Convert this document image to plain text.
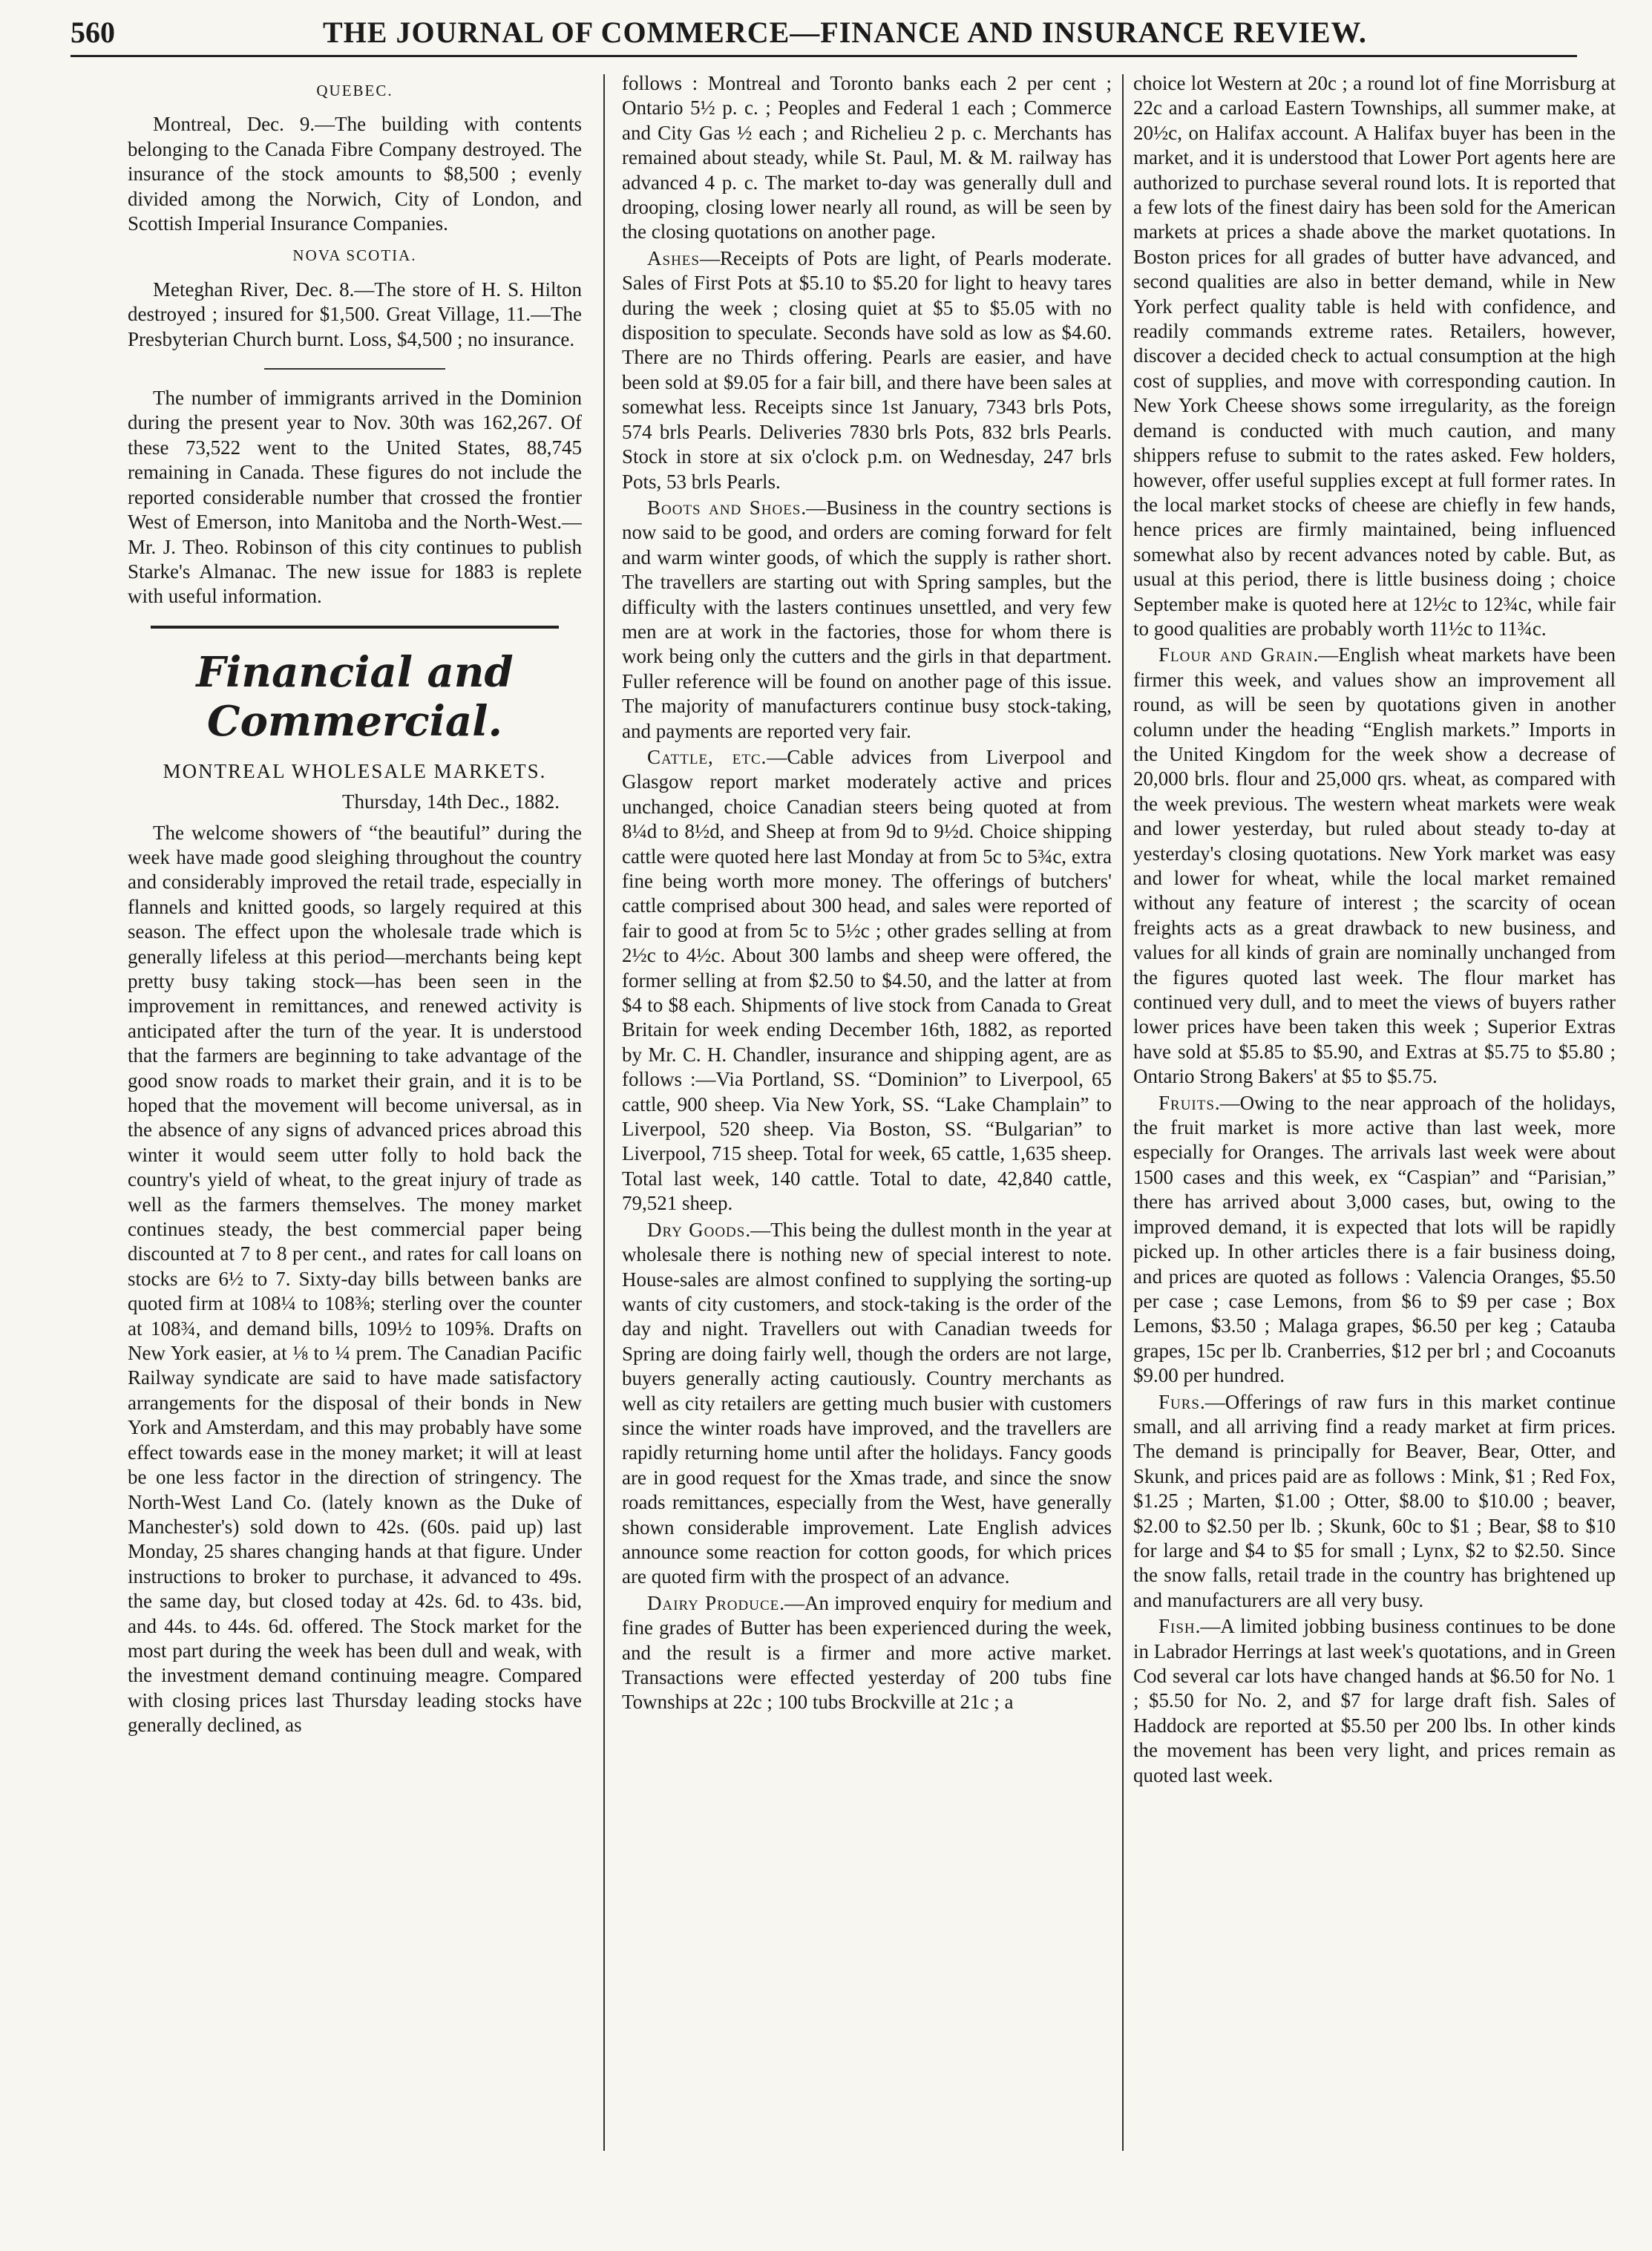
560	THE JOURNAL OF COMMERCE—FINANCE AND INSURANCE REVIEW.

QUEBEC.

Montreal, Dec. 9.—The building with contents belonging to the Canada Fibre Company destroyed. The insurance of the stock amounts to $8,500 ; evenly divided among the Norwich, City of London, and Scottish Imperial Insurance Companies.

NOVA SCOTIA.

Meteghan River, Dec. 8.—The store of H. S. Hilton destroyed ; insured for $1,500. Great Village, 11.—The Presbyterian Church burnt. Loss, $4,500 ; no insurance.

The number of immigrants arrived in the Dominion during the present year to Nov. 30th was 162,267. Of these 73,522 went to the United States, 88,745 remaining in Canada. These figures do not include the reported considerable number that crossed the frontier West of Emerson, into Manitoba and the North-West.—Mr. J. Theo. Robinson of this city continues to publish Starke's Almanac. The new issue for 1883 is replete with useful information.

Financial and Commercial.

MONTREAL WHOLESALE MARKETS.

Thursday, 14th Dec., 1882.

The welcome showers of “the beautiful” during the week have made good sleighing throughout the country and considerably improved the retail trade, especially in flannels and knitted goods, so largely required at this season. The effect upon the wholesale trade which is generally lifeless at this period—merchants being kept pretty busy taking stock—has been seen in the improvement in remittances, and renewed activity is anticipated after the turn of the year. It is understood that the farmers are beginning to take advantage of the good snow roads to market their grain, and it is to be hoped that the movement will become universal, as in the absence of any signs of advanced prices abroad this winter it would seem utter folly to hold back the country's yield of wheat, to the great injury of trade as well as the farmers themselves. The money market continues steady, the best commercial paper being discounted at 7 to 8 per cent., and rates for call loans on stocks are 6½ to 7. Sixty-day bills between banks are quoted firm at 108¼ to 108⅜; sterling over the counter at 108¾, and demand bills, 109½ to 109⅝. Drafts on New York easier, at ⅛ to ¼ prem. The Canadian Pacific Railway syndicate are said to have made satisfactory arrangements for the disposal of their bonds in New York and Amsterdam, and this may probably have some effect towards ease in the money market; it will at least be one less factor in the direction of stringency. The North-West Land Co. (lately known as the Duke of Manchester's) sold down to 42s. (60s. paid up) last Monday, 25 shares changing hands at that figure. Under instructions to broker to purchase, it advanced to 49s. the same day, but closed today at 42s. 6d. to 43s. bid, and 44s. to 44s. 6d. offered. The Stock market for the most part during the week has been dull and weak, with the investment demand continuing meagre. Compared with closing prices last Thursday leading stocks have generally declined, as

follows : Montreal and Toronto banks each 2 per cent ; Ontario 5½ p. c. ; Peoples and Federal 1 each ; Commerce and City Gas ½ each ; and Richelieu 2 p. c. Merchants has remained about steady, while St. Paul, M. & M. railway has advanced 4 p. c. The market to-day was generally dull and drooping, closing lower nearly all round, as will be seen by the closing quotations on another page.

Ashes—Receipts of Pots are light, of Pearls moderate. Sales of First Pots at $5.10 to $5.20 for light to heavy tares during the week ; closing quiet at $5 to $5.05 with no disposition to speculate. Seconds have sold as low as $4.60. There are no Thirds offering. Pearls are easier, and have been sold at $9.05 for a fair bill, and there have been sales at somewhat less. Receipts since 1st January, 7343 brls Pots, 574 brls Pearls. Deliveries 7830 brls Pots, 832 brls Pearls. Stock in store at six o'clock p.m. on Wednesday, 247 brls Pots, 53 brls Pearls.

Boots and Shoes.—Business in the country sections is now said to be good, and orders are coming forward for felt and warm winter goods, of which the supply is rather short. The travellers are starting out with Spring samples, but the difficulty with the lasters continues unsettled, and very few men are at work in the factories, those for whom there is work being only the cutters and the girls in that department. Fuller reference will be found on another page of this issue. The majority of manufacturers continue busy stock-taking, and payments are reported very fair.

Cattle, etc.—Cable advices from Liverpool and Glasgow report market moderately active and prices unchanged, choice Canadian steers being quoted at from 8¼d to 8½d, and Sheep at from 9d to 9½d. Choice shipping cattle were quoted here last Monday at from 5c to 5¾c, extra fine being worth more money. The offerings of butchers' cattle comprised about 300 head, and sales were reported of fair to good at from 5c to 5½c ; other grades selling at from 2½c to 4½c. About 300 lambs and sheep were offered, the former selling at from $2.50 to $4.50, and the latter at from $4 to $8 each. Shipments of live stock from Canada to Great Britain for week ending December 16th, 1882, as reported by Mr. C. H. Chandler, insurance and shipping agent, are as follows :—Via Portland, SS. “Dominion” to Liverpool, 65 cattle, 900 sheep. Via New York, SS. “Lake Champlain” to Liverpool, 520 sheep. Via Boston, SS. “Bulgarian” to Liverpool, 715 sheep. Total for week, 65 cattle, 1,635 sheep. Total last week, 140 cattle. Total to date, 42,840 cattle, 79,521 sheep.

Dry Goods.—This being the dullest month in the year at wholesale there is nothing new of special interest to note. House-sales are almost confined to supplying the sorting-up wants of city customers, and stock-taking is the order of the day and night. Travellers out with Canadian tweeds for Spring are doing fairly well, though the orders are not large, buyers generally acting cautiously. Country merchants as well as city retailers are getting much busier with customers since the winter roads have improved, and the travellers are rapidly returning home until after the holidays. Fancy goods are in good request for the Xmas trade, and since the snow roads remittances, especially from the West, have generally shown considerable improvement. Late English advices announce some reaction for cotton goods, for which prices are quoted firm with the prospect of an advance.

Dairy Produce.—An improved enquiry for medium and fine grades of Butter has been experienced during the week, and the result is a firmer and more active market. Transactions were effected yesterday of 200 tubs fine Townships at 22c ; 100 tubs Brockville at 21c ; a

choice lot Western at 20c ; a round lot of fine Morrisburg at 22c and a carload Eastern Townships, all summer make, at 20½c, on Halifax account. A Halifax buyer has been in the market, and it is understood that Lower Port agents here are authorized to purchase several round lots. It is reported that a few lots of the finest dairy has been sold for the American markets at prices a shade above the market quotations. In Boston prices for all grades of butter have advanced, and second qualities are also in better demand, while in New York perfect quality table is held with confidence, and readily commands extreme rates. Retailers, however, discover a decided check to actual consumption at the high cost of supplies, and move with corresponding caution. In New York Cheese shows some irregularity, as the foreign demand is conducted with much caution, and many shippers refuse to submit to the rates asked. Few holders, however, offer useful supplies except at full former rates. In the local market stocks of cheese are chiefly in few hands, hence prices are firmly maintained, being influenced somewhat also by recent advances noted by cable. But, as usual at this period, there is little business doing ; choice September make is quoted here at 12½c to 12¾c, while fair to good qualities are probably worth 11½c to 11¾c.

Flour and Grain.—English wheat markets have been firmer this week, and values show an improvement all round, as will be seen by quotations given in another column under the heading “English markets.” Imports in the United Kingdom for the week show a decrease of 20,000 brls. flour and 25,000 qrs. wheat, as compared with the week previous. The western wheat markets were weak and lower yesterday, but ruled about steady to-day at yesterday's closing quotations. New York market was easy and lower for wheat, while the local market remained without any feature of interest ; the scarcity of ocean freights acts as a great drawback to new business, and values for all kinds of grain are nominally unchanged from the figures quoted last week. The flour market has continued very dull, and to meet the views of buyers rather lower prices have been taken this week ; Superior Extras have sold at $5.85 to $5.90, and Extras at $5.75 to $5.80 ; Ontario Strong Bakers' at $5 to $5.75.

Fruits.—Owing to the near approach of the holidays, the fruit market is more active than last week, more especially for Oranges. The arrivals last week were about 1500 cases and this week, ex “Caspian” and “Parisian,” there has arrived about 3,000 cases, but, owing to the improved demand, it is expected that lots will be rapidly picked up. In other articles there is a fair business doing, and prices are quoted as follows : Valencia Oranges, $5.50 per case ; case Lemons, from $6 to $9 per case ; Box Lemons, $3.50 ; Malaga grapes, $6.50 per keg ; Catauba grapes, 15c per lb. Cranberries, $12 per brl ; and Cocoanuts $9.00 per hundred.

Furs.—Offerings of raw furs in this market continue small, and all arriving find a ready market at firm prices. The demand is principally for Beaver, Bear, Otter, and Skunk, and prices paid are as follows : Mink, $1 ; Red Fox, $1.25 ; Marten, $1.00 ; Otter, $8.00 to $10.00 ; beaver, $2.00 to $2.50 per lb. ; Skunk, 60c to $1 ; Bear, $8 to $10 for large and $4 to $5 for small ; Lynx, $2 to $2.50. Since the snow falls, retail trade in the country has brightened up and manufacturers are all very busy.

Fish.—A limited jobbing business continues to be done in Labrador Herrings at last week's quotations, and in Green Cod several car lots have changed hands at $6.50 for No. 1 ; $5.50 for No. 2, and $7 for large draft fish. Sales of Haddock are reported at $5.50 per 200 lbs. In other kinds the movement has been very light, and prices remain as quoted last week.
